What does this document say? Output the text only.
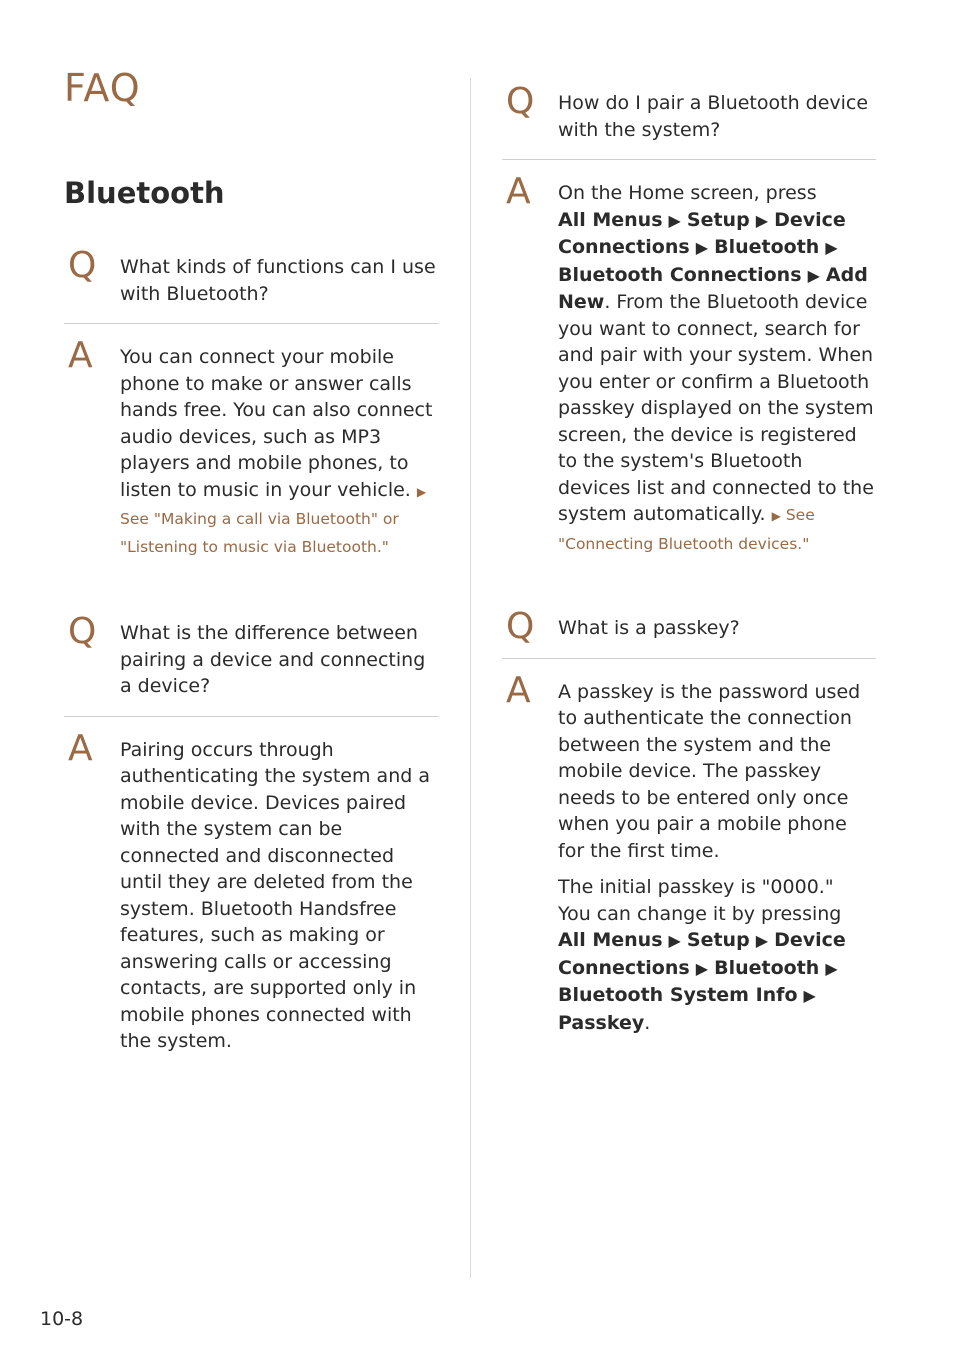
FAQ
Bluetooth
Q What kinds of functions can I use with Bluetooth?

A You can connect your mobile phone to make or answer calls hands free. You can also connect audio devices, such as MP3 players and mobile phones, to listen to music in your vehicle. ▶ See "Making a call via Bluetooth" or "Listening to music via Bluetooth."

Q What is the difference between pairing a device and connecting a device?

A Pairing occurs through authenticating the system and a mobile device. Devices paired with the system can be connected and disconnected until they are deleted from the system. Bluetooth Handsfree features, such as making or answering calls or accessing contacts, are supported only in mobile phones connected with the system.

Q How do I pair a Bluetooth device with the system?

A On the Home screen, press
All Menus ▶ Setup ▶ Device Connections ▶ Bluetooth ▶ Bluetooth Connections ▶ Add New. From the Bluetooth device you want to connect, search for and pair with your system. When you enter or confirm a Bluetooth passkey displayed on the system screen, the device is registered to the system's Bluetooth devices list and connected to the system automatically. ▶ See "Connecting Bluetooth devices."

Q What is a passkey?

A A passkey is the password used to authenticate the connection between the system and the mobile device. The passkey needs to be entered only once when you pair a mobile phone for the first time.

The initial passkey is "0000."
You can change it by pressing
All Menus ▶ Setup ▶ Device Connections ▶ Bluetooth ▶ Bluetooth System Info ▶ Passkey.

10-8
